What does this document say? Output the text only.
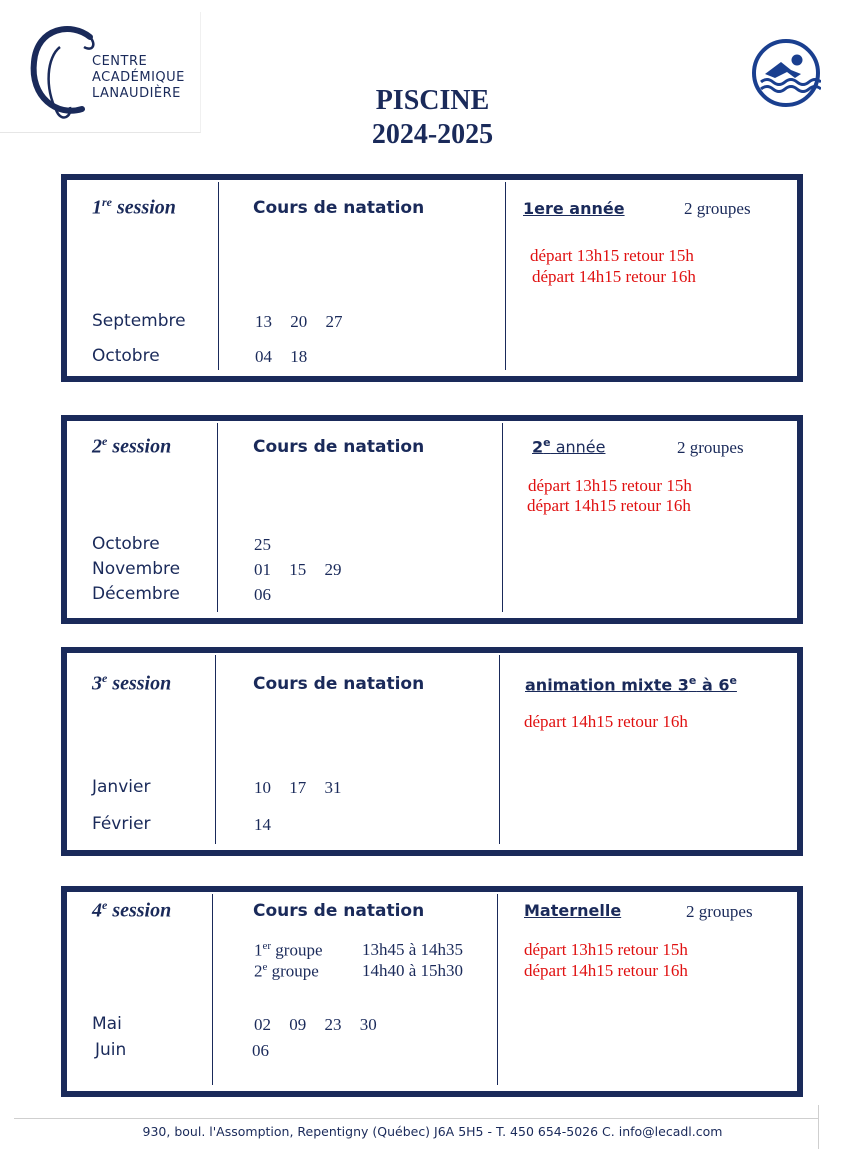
CENTRE
ACADÉMIQUE
LANAUDIÈRE	PISCINE
2024-2025
1re session	Cours de natation	1ere année	2 groupes
départ 13h15 retour 15h
départ 14h15 retour 16h
Septembre	13 20 27
Octobre	04 18
2e session	Cours de natation	2e année	2 groupes
départ 13h15 retour 15h
départ 14h15 retour 16h
Octobre	25
Novembre	01 15 29
Décembre	06
3e session	Cours de natation	animation mixte 3e à 6e
départ 14h15 retour 16h
Janvier	10 17 31
Février	14
4e session	Cours de natation	Maternelle	2 groupes
1er groupe 13h45 à 14h35
2e groupe	14h40 à 15h30
départ 13h15 retour 15h
départ 14h15 retour 16h
Mai	02 09 23 30
Juin	06
930, boul. l'Assomption, Repentigny (Québec) J6A 5H5 - T. 450 654-5026 C. info@lecadl.com
